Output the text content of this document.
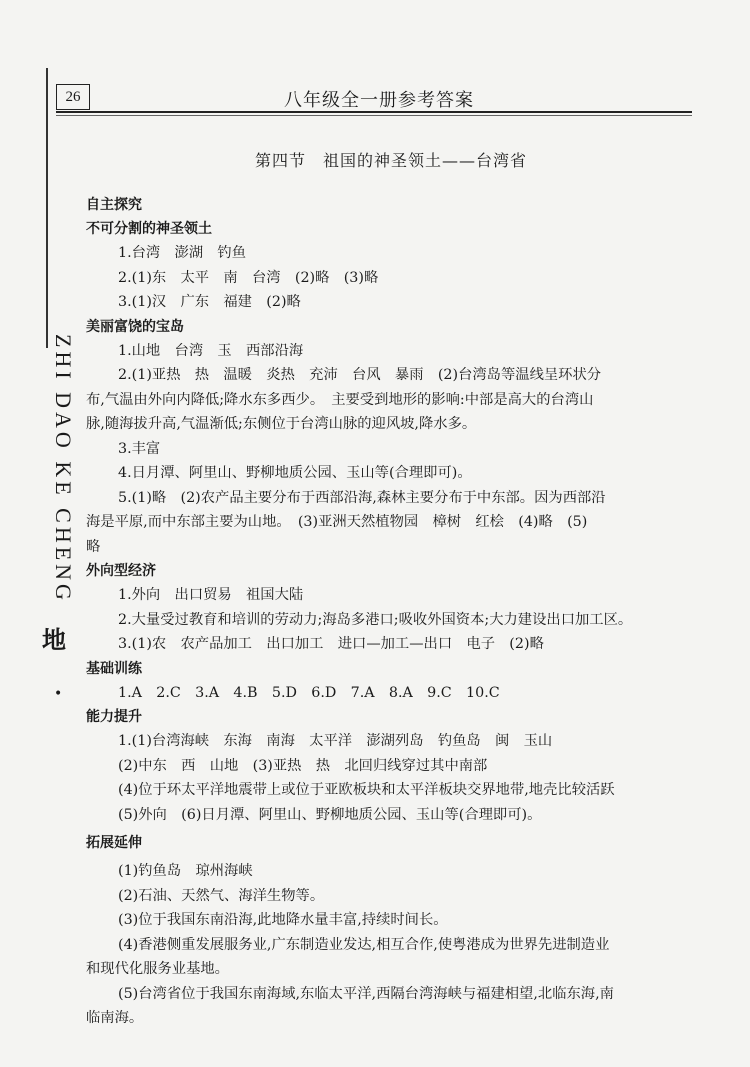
26	八年级全一册参考答案
ZHI DAO KE CHENG
地
•

第四节　祖国的神圣领土——台湾省

自主探究

不可分割的神圣领土

1.台湾　澎湖　钓鱼

2.(1)东　太平　南　台湾　(2)略　(3)略

3.(1)汉　广东　福建　(2)略

美丽富饶的宝岛

1.山地　台湾　玉　西部沿海

2.(1)亚热　热　温暖　炎热　充沛　台风　暴雨　(2)台湾岛等温线呈环状分

布,气温由外向内降低;降水东多西少。　主要受到地形的影响:中部是高大的台湾山

脉,随海拔升高,气温渐低;东侧位于台湾山脉的迎风坡,降水多。

3.丰富

4.日月潭、阿里山、野柳地质公园、玉山等(合理即可)。

5.(1)略　(2)农产品主要分布于西部沿海,森林主要分布于中东部。因为西部沿

海是平原,而中东部主要为山地。　(3)亚洲天然植物园　樟树　红桧　(4)略　(5)

略

外向型经济

1.外向　出口贸易　祖国大陆

2.大量受过教育和培训的劳动力;海岛多港口;吸收外国资本;大力建设出口加工区。

3.(1)农　农产品加工　出口加工　进口—加工—出口　电子　(2)略

基础训练

1.A　2.C　3.A　4.B　5.D　6.D　7.A　8.A　9.C　10.C

能力提升

1.(1)台湾海峡　东海　南海　太平洋　澎湖列岛　钓鱼岛　闽　玉山

(2)中东　西　山地　(3)亚热　热　北回归线穿过其中南部

(4)位于环太平洋地震带上或位于亚欧板块和太平洋板块交界地带,地壳比较活跃

(5)外向　(6)日月潭、阿里山、野柳地质公园、玉山等(合理即可)。

拓展延伸

(1)钓鱼岛　琼州海峡

(2)石油、天然气、海洋生物等。

(3)位于我国东南沿海,此地降水量丰富,持续时间长。

(4)香港侧重发展服务业,广东制造业发达,相互合作,使粤港成为世界先进制造业

和现代化服务业基地。

(5)台湾省位于我国东南海域,东临太平洋,西隔台湾海峡与福建相望,北临东海,南

临南海。
